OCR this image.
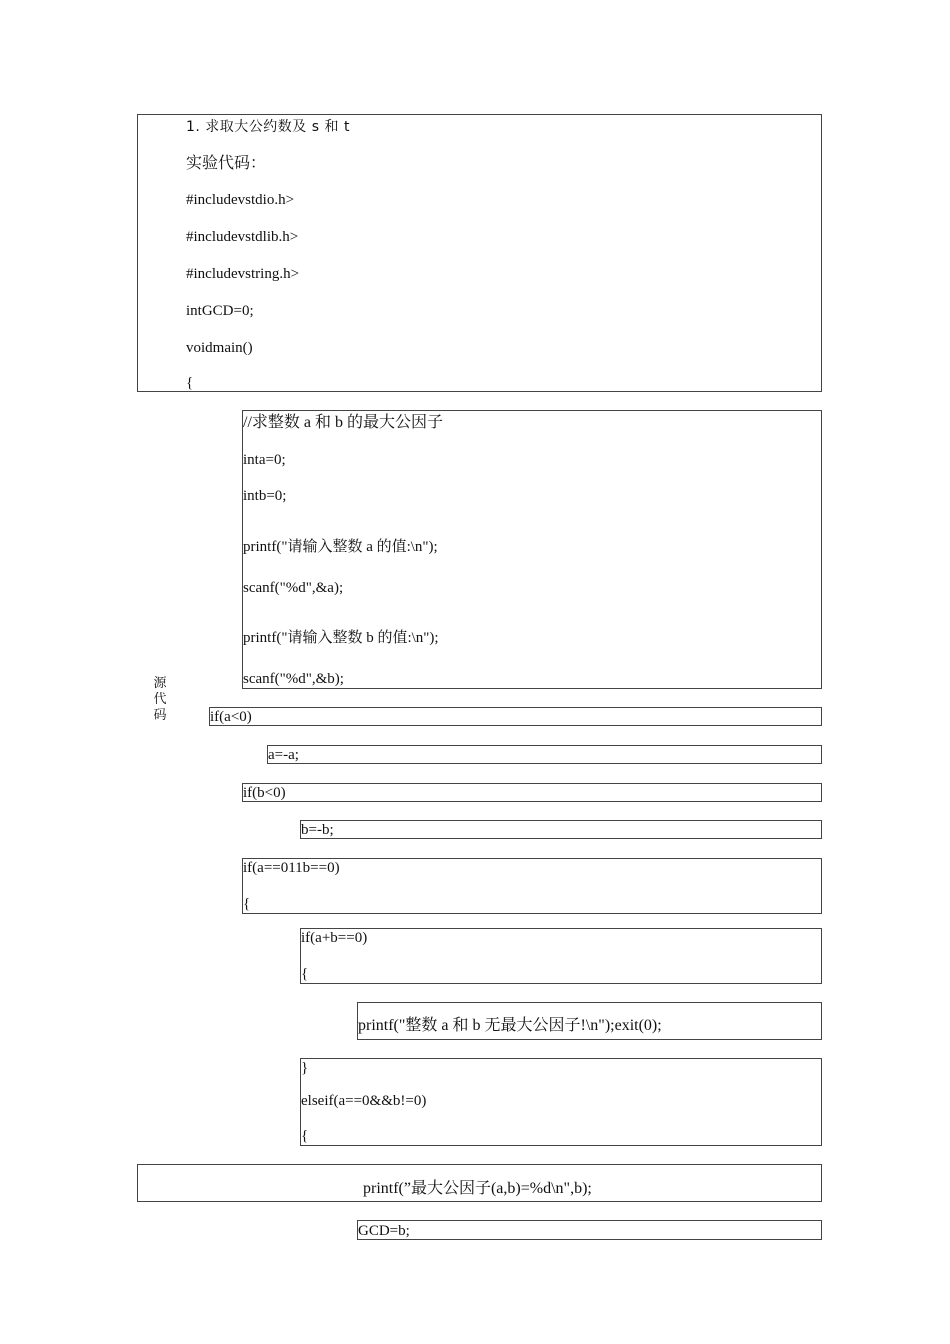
1. 求取大公约数及 s 和 t
实验代码：
#includevstdio.h>
#includevstdlib.h>
#includevstring.h>
intGCD=0;
voidmain()
{
//求整数 a 和 b 的最大公因子
inta=0;
intb=0;
printf("请输入整数 a 的值:\n");
scanf("%d",&a);
printf("请输入整数 b 的值:\n");
scanf("%d",&b);
源
代
码	if(a<0)
a=-a;
if(b<0)
b=-b;
if(a==011b==0)
{
if(a+b==0)
{
printf("整数 a 和 b 无最大公因子!\n");exit(0);
}
elseif(a==0&&b!=0)
{
printf(”最大公因子(a,b)=%d\n",b);
GCD=b;
